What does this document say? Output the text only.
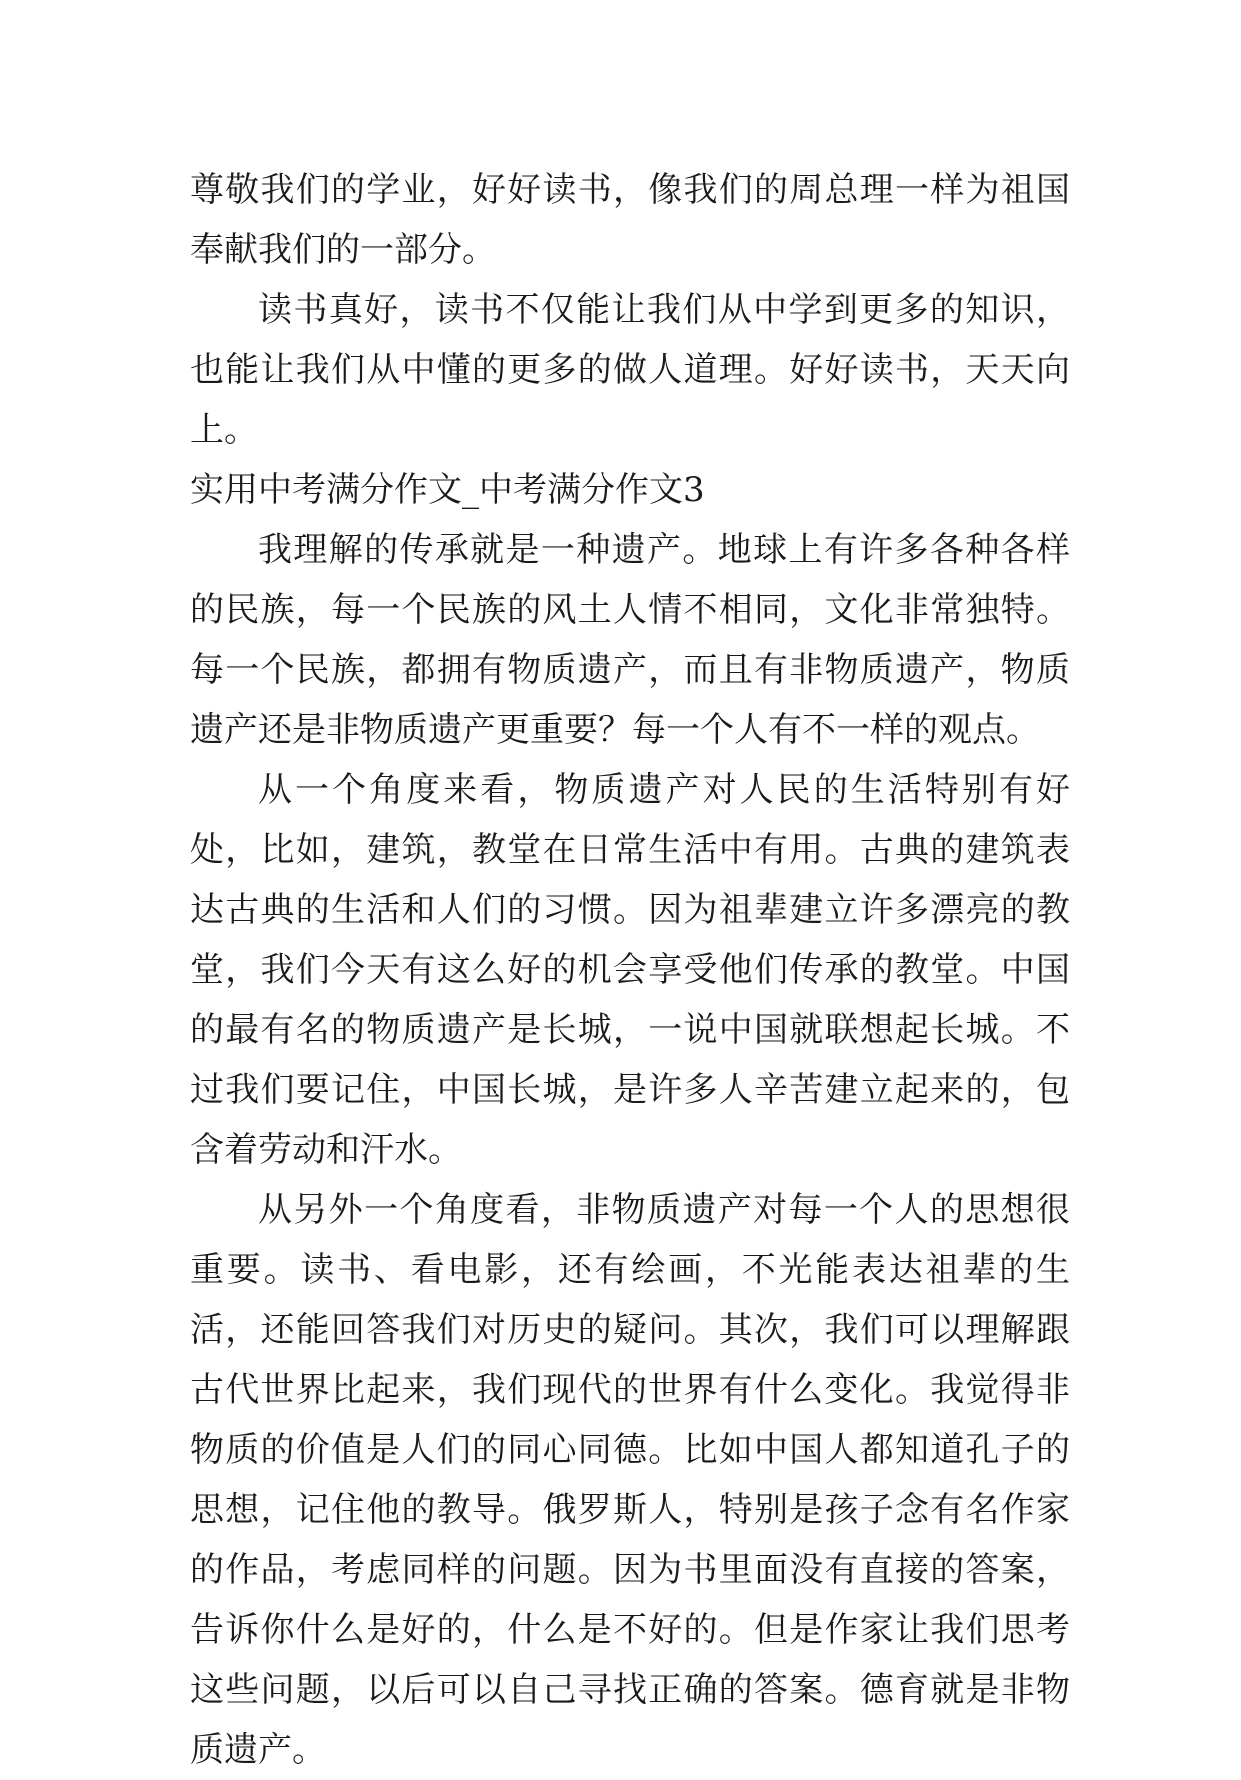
尊敬我们的学业，好好读书，像我们的周总理一样为祖国奉献我们的一部分。

读书真好，读书不仅能让我们从中学到更多的知识，也能让我们从中懂的更多的做人道理。好好读书，天天向上。

实用中考满分作文_中考满分作文3

我理解的传承就是一种遗产。地球上有许多各种各样的民族，每一个民族的风土人情不相同，文化非常独特。每一个民族，都拥有物质遗产，而且有非物质遗产，物质遗产还是非物质遗产更重要？每一个人有不一样的观点。

从一个角度来看，物质遗产对人民的生活特别有好处，比如，建筑，教堂在日常生活中有用。古典的建筑表达古典的生活和人们的习惯。因为祖辈建立许多漂亮的教堂，我们今天有这么好的机会享受他们传承的教堂。中国的最有名的物质遗产是长城，一说中国就联想起长城。不过我们要记住，中国长城，是许多人辛苦建立起来的，包含着劳动和汗水。

从另外一个角度看，非物质遗产对每一个人的思想很重要。读书、看电影，还有绘画，不光能表达祖辈的生活，还能回答我们对历史的疑问。其次，我们可以理解跟古代世界比起来，我们现代的世界有什么变化。我觉得非物质的价值是人们的同心同德。比如中国人都知道孔子的思想，记住他的教导。俄罗斯人，特别是孩子念有名作家的作品，考虑同样的问题。因为书里面没有直接的答案，告诉你什么是好的，什么是不好的。但是作家让我们思考这些问题，以后可以自己寻找正确的答案。德育就是非物质遗产。
